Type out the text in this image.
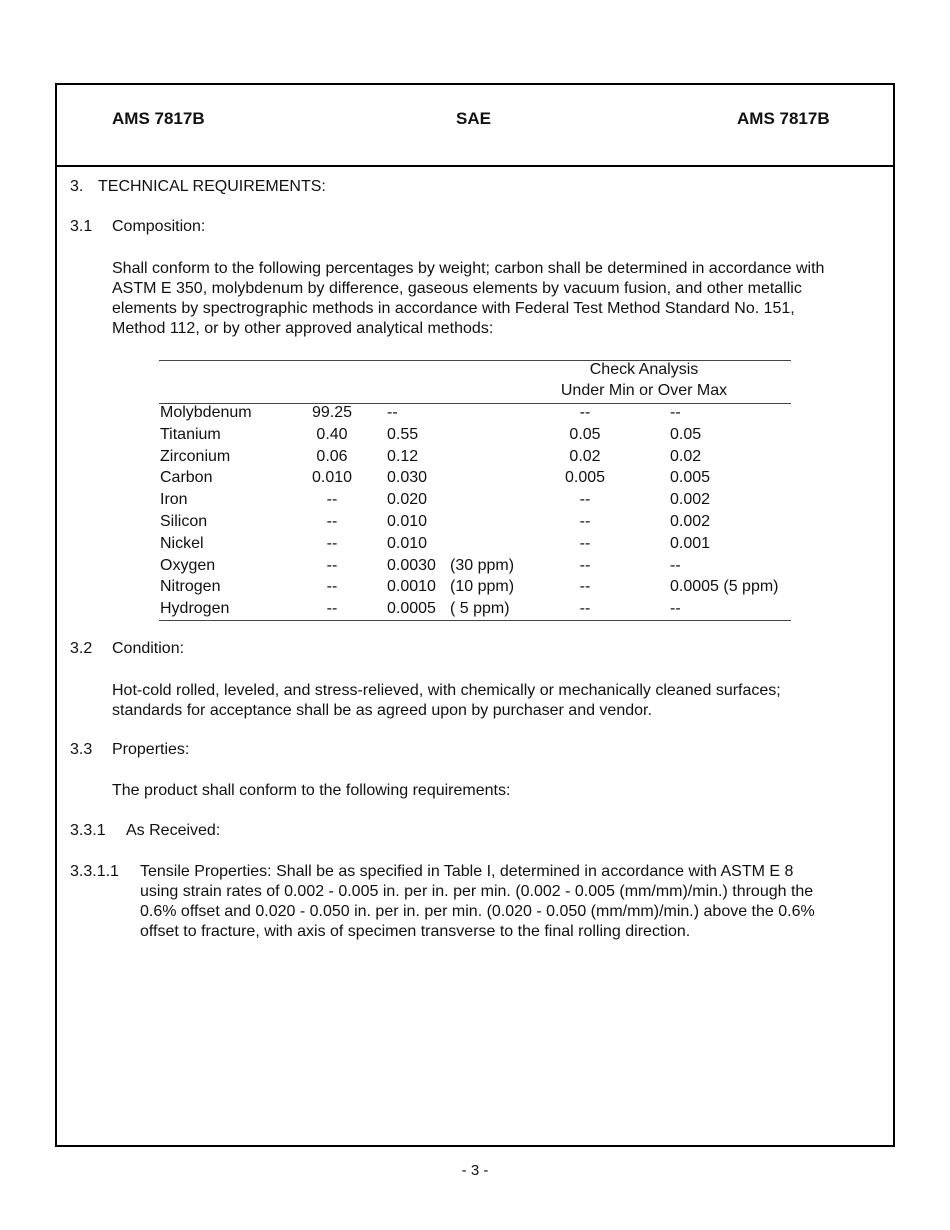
AMS 7817B	SAE	AMS 7817B
3. TECHNICAL REQUIREMENTS:
3.1 Composition:
Shall conform to the following percentages by weight; carbon shall be determined in accordance with
ASTM E 350, molybdenum by difference, gaseous elements by vacuum fusion, and other metallic
elements by spectrographic methods in accordance with Federal Test Method Standard No. 151,
Method 112, or by other approved analytical methods:
Check Analysis
Under Min or Over Max
Molybdenum	99.25	--	--	--
Titanium	0.40	0.55	0.05	0.05
Zirconium	0.06	0.12	0.02	0.02
Carbon	0.010	0.030	0.005	0.005
Iron	--	0.020	--	0.002
Silicon	--	0.010	--	0.002
Nickel	--	0.010	--	0.001
Oxygen	--	0.0030 (30 ppm)	--	--
Nitrogen	--	0.0010 (10 ppm)	--	0.0005 (5 ppm)
Hydrogen	--	0.0005 ( 5 ppm)	--	--
3.2 Condition:
Hot-cold rolled, leveled, and stress-relieved, with chemically or mechanically cleaned surfaces;
standards for acceptance shall be as agreed upon by purchaser and vendor.
3.3 Properties:
The product shall conform to the following requirements:
3.3.1 As Received:
3.3.1.1 Tensile Properties: Shall be as specified in Table I, determined in accordance with ASTM E 8
using strain rates of 0.002 - 0.005 in. per in. per min. (0.002 - 0.005 (mm/mm)/min.) through the
0.6% offset and 0.020 - 0.050 in. per in. per min. (0.020 - 0.050 (mm/mm)/min.) above the 0.6%
offset to fracture, with axis of specimen transverse to the final rolling direction.
- 3 -
